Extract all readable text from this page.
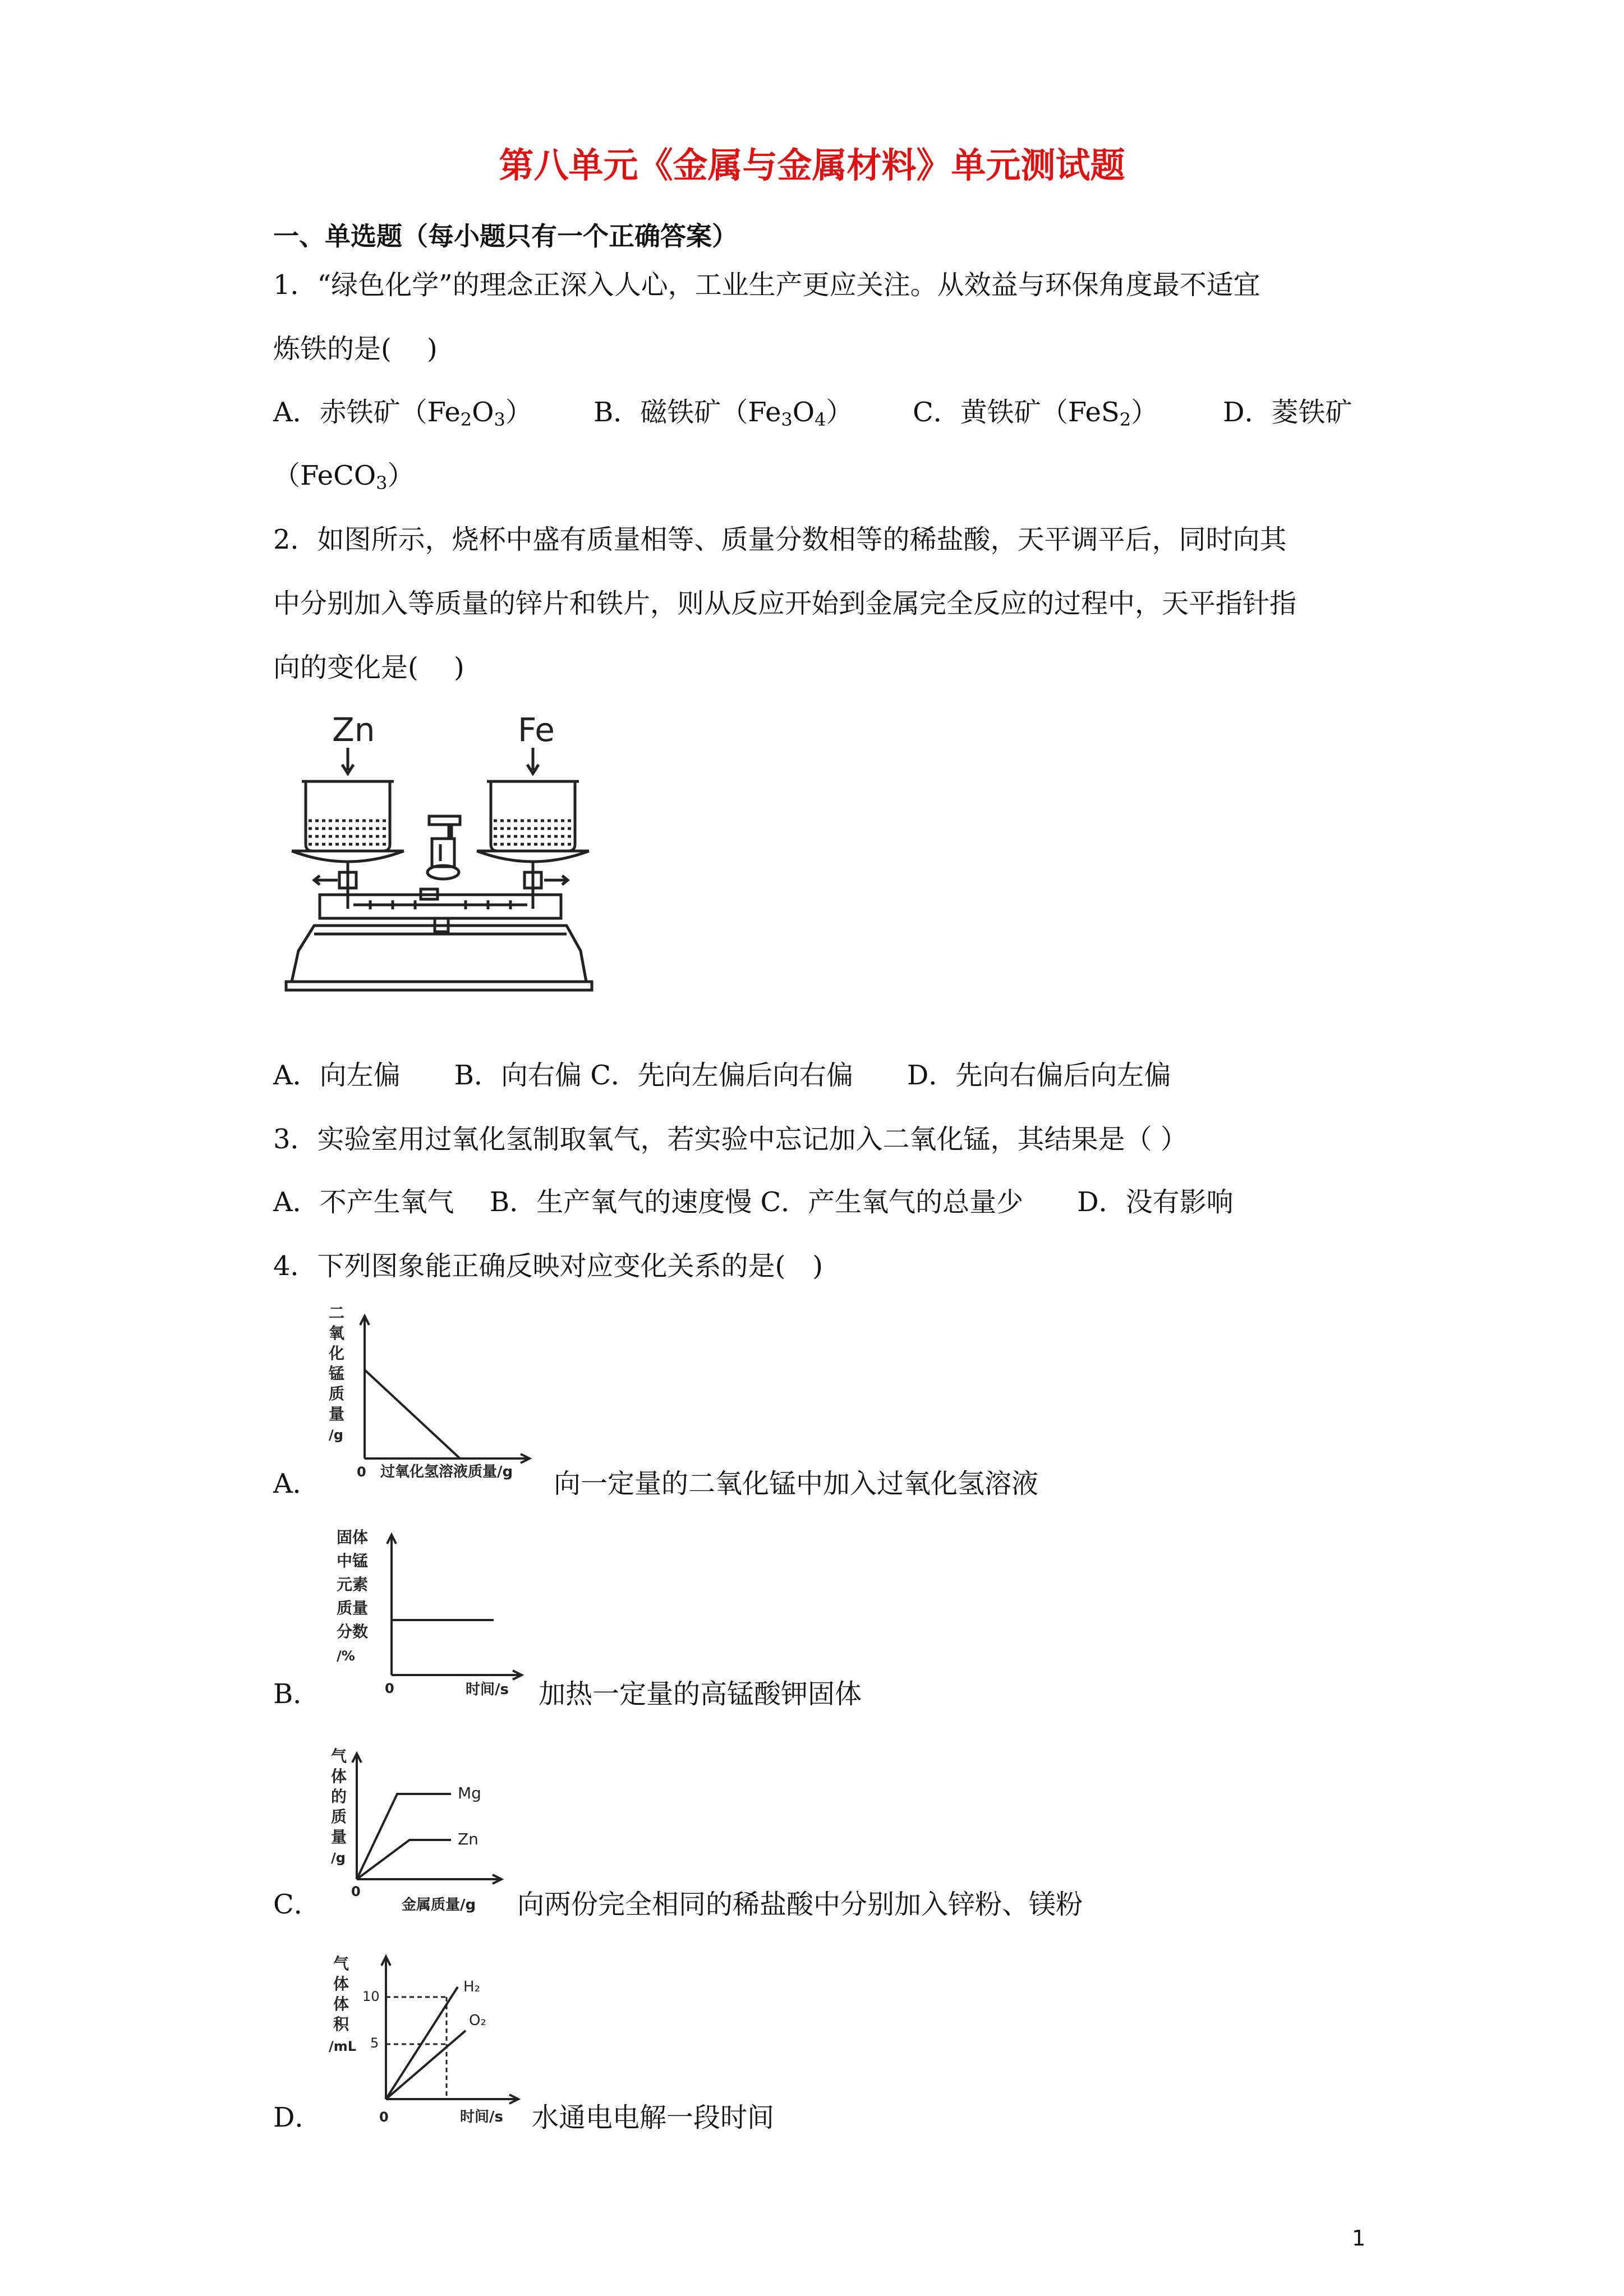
第八单元《金属与金属材料》单元测试题
一、单选题（每小题只有一个正确答案）
1．“绿色化学”的理念正深入人心，工业生产更应关注。从效益与环保角度最不适宜
炼铁的是(　 )
A．赤铁矿$(Fe_2O_3)$ B．磁铁矿$(Fe_3O_4)$ C．黄铁矿（FeS$_2$） D．菱铁矿
（FeCO$_3$）
2．如图所示，烧杯中盛有质量相等、质量分数相等的稀盐酸，天平调平后，同时向其
中分别加入等质量的锌片和铁片，则从反应开始到金属完全反应的过程中，天平指针指
向的变化是(　 )
Zn	Fe
A．向左偏　　B．向右偏 C．先向左偏后向右偏　　D．先向右偏后向左偏
3．实验室用过氧化氢制取氧气，若实验中忘记加入二氧化锰，其结果是（ ）
A．不产生氧气　 B．生产氧气的速度慢 C．产生氧气的总量少　　D．没有影响
4．下列图象能正确反映对应变化关系的是(　)
二
氧
化
锰
质
量
/g
0 过氧化氢溶液质量/g
A．	向一定量的二氧化锰中加入过氧化氢溶液
固体
中锰
元素
质量
分数
/%
0	时间/s
B．	加热一定量的高锰酸钾固体
气
体
的
质
量
/g
0
金属质量/g
Mg
Zn
C．	向两份完全相同的稀盐酸中分别加入锌粉、镁粉
气
体
体
积
/mL
0	时间/s
10
5
H₂
O₂
D．	水通电电解一段时间
1
